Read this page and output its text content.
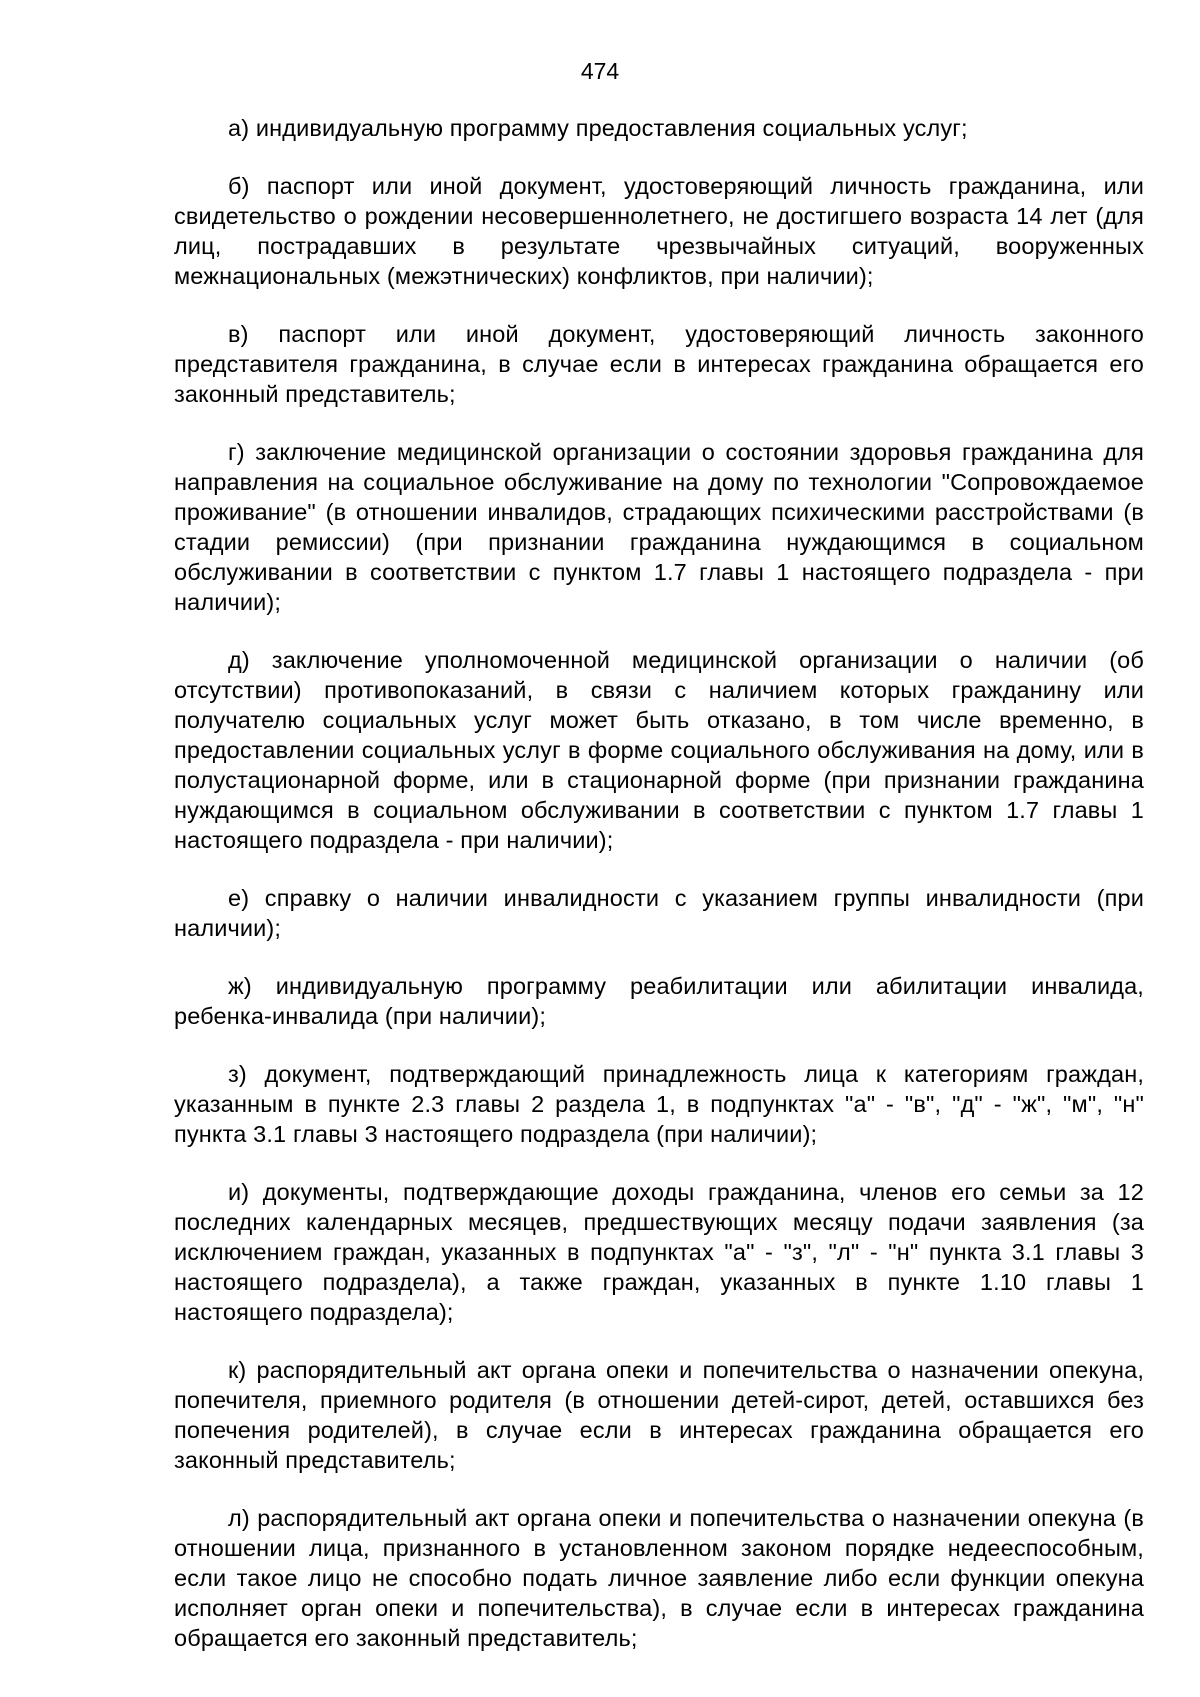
474

а) индивидуальную программу предоставления социальных услуг;

б) паспорт или иной документ, удостоверяющий личность гражданина, или свидетельство о рождении несовершеннолетнего, не достигшего возраста 14 лет (для лиц, пострадавших в результате чрезвычайных ситуаций, вооруженных межнациональных (межэтнических) конфликтов, при наличии);

в) паспорт или иной документ, удостоверяющий личность законного представителя гражданина, в случае если в интересах гражданина обращается его законный представитель;

г) заключение медицинской организации о состоянии здоровья гражданина для направления на социальное обслуживание на дому по технологии "Сопровождаемое проживание" (в отношении инвалидов, страдающих психическими расстройствами (в стадии ремиссии) (при признании гражданина нуждающимся в социальном обслуживании в соответствии с пунктом 1.7 главы 1 настоящего подраздела - при наличии);

д) заключение уполномоченной медицинской организации о наличии (об отсутствии) противопоказаний, в связи с наличием которых гражданину или получателю социальных услуг может быть отказано, в том числе временно, в предоставлении социальных услуг в форме социального обслуживания на дому, или в полустационарной форме, или в стационарной форме (при признании гражданина нуждающимся в социальном обслуживании в соответствии с пунктом 1.7 главы 1 настоящего подраздела - при наличии);

е) справку о наличии инвалидности с указанием группы инвалидности (при наличии);

ж) индивидуальную программу реабилитации или абилитации инвалида, ребенка-инвалида (при наличии);

з) документ, подтверждающий принадлежность лица к категориям граждан, указанным в пункте 2.3 главы 2 раздела 1, в подпунктах "а" - "в", "д" - "ж", "м", "н" пункта 3.1 главы 3 настоящего подраздела (при наличии);

и) документы, подтверждающие доходы гражданина, членов его семьи за 12 последних календарных месяцев, предшествующих месяцу подачи заявления (за исключением граждан, указанных в подпунктах "а" - "з", "л" - "н" пункта 3.1 главы 3 настоящего подраздела), а также граждан, указанных в пункте 1.10 главы 1 настоящего подраздела);

к) распорядительный акт органа опеки и попечительства о назначении опекуна, попечителя, приемного родителя (в отношении детей-сирот, детей, оставшихся без попечения родителей), в случае если в интересах гражданина обращается его законный представитель;

л) распорядительный акт органа опеки и попечительства о назначении опекуна (в отношении лица, признанного в установленном законом порядке недееспособным, если такое лицо не способно подать личное заявление либо если функции опекуна исполняет орган опеки и попечительства), в случае если в интересах гражданина обращается его законный представитель;
